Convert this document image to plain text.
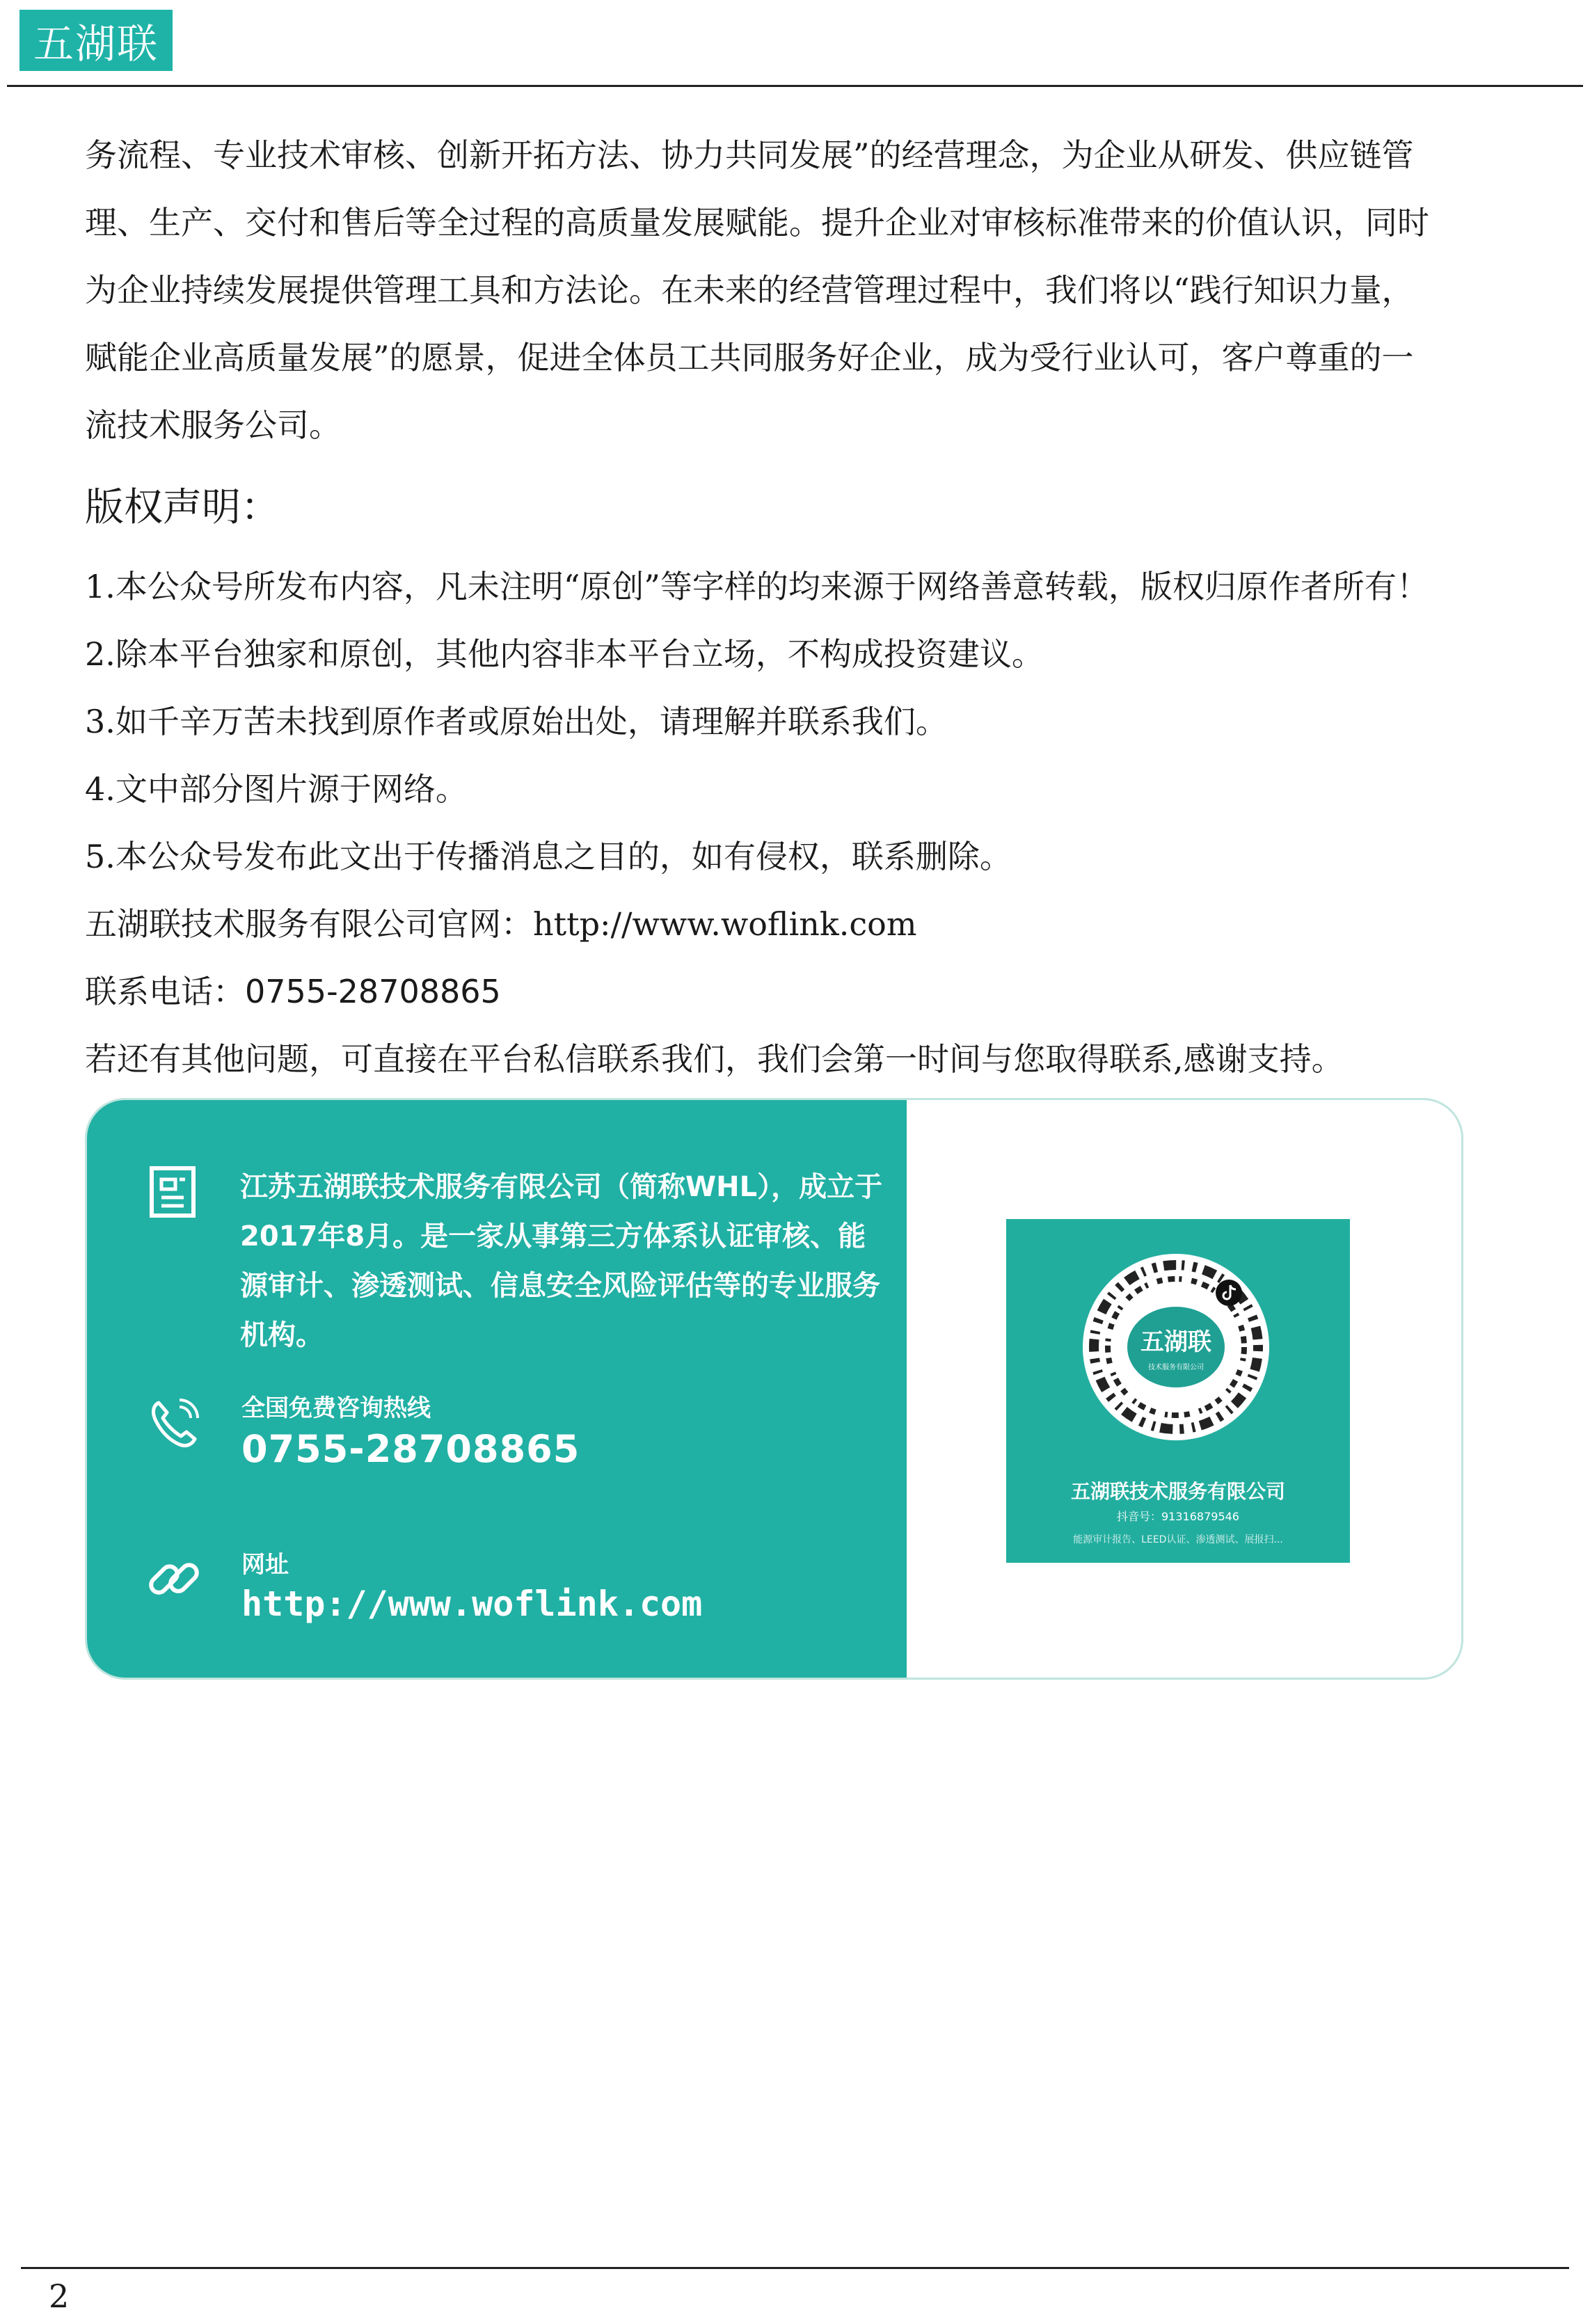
五湖联

务流程、专业技术审核、创新开拓方法、协力共同发展”的经营理念，为企业从研发、供应链管

理、生产、交付和售后等全过程的高质量发展赋能。提升企业对审核标准带来的价值认识，同时

为企业持续发展提供管理工具和方法论。在未来的经营管理过程中，我们将以“践行知识力量，

赋能企业高质量发展”的愿景，促进全体员工共同服务好企业，成为受行业认可，客户尊重的一

流技术服务公司。

版权声明：
1.本公众号所发布内容，凡未注明“原创”等字样的均来源于网络善意转载，版权归原作者所有！
2.除本平台独家和原创，其他内容非本平台立场，不构成投资建议。
3.如千辛万苦未找到原作者或原始出处，请理解并联系我们。
4.文中部分图片源于网络。
5.本公众号发布此文出于传播消息之目的，如有侵权，联系删除。
五湖联技术服务有限公司官网：http://www.woflink.com
联系电话：0755-28708865
若还有其他问题，可直接在平台私信联系我们，我们会第一时间与您取得联系,感谢支持。

江苏五湖联技术服务有限公司（简称WHL），成立于2017年8月。是一家从事第三方体系认证审核、能源审计、渗透测试、信息安全风险评估等的专业服务机构。

全国免费咨询热线
0755-28708865
网址
http://www.woflink.com
五湖联
技术服务有限公司
五湖联技术服务有限公司
抖音号：91316879546
能源审计报告、LEED认证、渗透测试、展报扫...
2
